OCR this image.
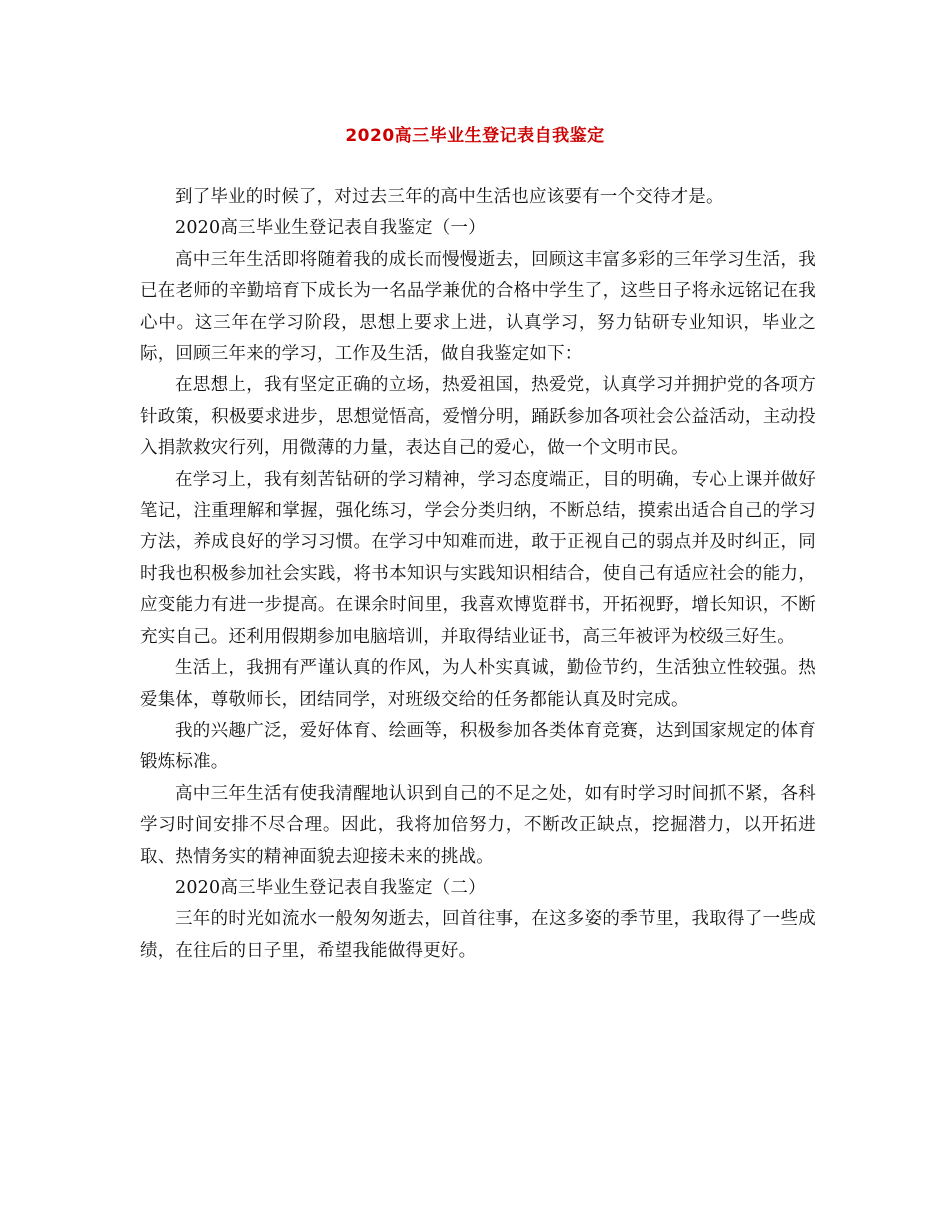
2020高三毕业生登记表自我鉴定

到了毕业的时候了，对过去三年的高中生活也应该要有一个交待才是。

2020高三毕业生登记表自我鉴定（一）

高中三年生活即将随着我的成长而慢慢逝去，回顾这丰富多彩的三年学习生活，我已在老师的辛勤培育下成长为一名品学兼优的合格中学生了，这些日子将永远铭记在我心中。这三年在学习阶段，思想上要求上进，认真学习，努力钻研专业知识，毕业之际，回顾三年来的学习，工作及生活，做自我鉴定如下：

在思想上，我有坚定正确的立场，热爱祖国，热爱党，认真学习并拥护党的各项方针政策，积极要求进步，思想觉悟高，爱憎分明，踊跃参加各项社会公益活动，主动投入捐款救灾行列，用微薄的力量，表达自己的爱心，做一个文明市民。

在学习上，我有刻苦钻研的学习精神，学习态度端正，目的明确，专心上课并做好笔记，注重理解和掌握，强化练习，学会分类归纳，不断总结，摸索出适合自己的学习方法，养成良好的学习习惯。在学习中知难而进，敢于正视自己的弱点并及时纠正，同时我也积极参加社会实践，将书本知识与实践知识相结合，使自己有适应社会的能力，应变能力有进一步提高。在课余时间里，我喜欢博览群书，开拓视野，增长知识，不断充实自己。还利用假期参加电脑培训，并取得结业证书，高三年被评为校级三好生。

生活上，我拥有严谨认真的作风，为人朴实真诚，勤俭节约，生活独立性较强。热爱集体，尊敬师长，团结同学，对班级交给的任务都能认真及时完成。

我的兴趣广泛，爱好体育、绘画等，积极参加各类体育竞赛，达到国家规定的体育锻炼标准。

高中三年生活有使我清醒地认识到自己的不足之处，如有时学习时间抓不紧，各科学习时间安排不尽合理。因此，我将加倍努力，不断改正缺点，挖掘潜力，以开拓进取、热情务实的精神面貌去迎接未来的挑战。

2020高三毕业生登记表自我鉴定（二）

三年的时光如流水一般匆匆逝去，回首往事，在这多姿的季节里，我取得了一些成绩，在往后的日子里，希望我能做得更好。
